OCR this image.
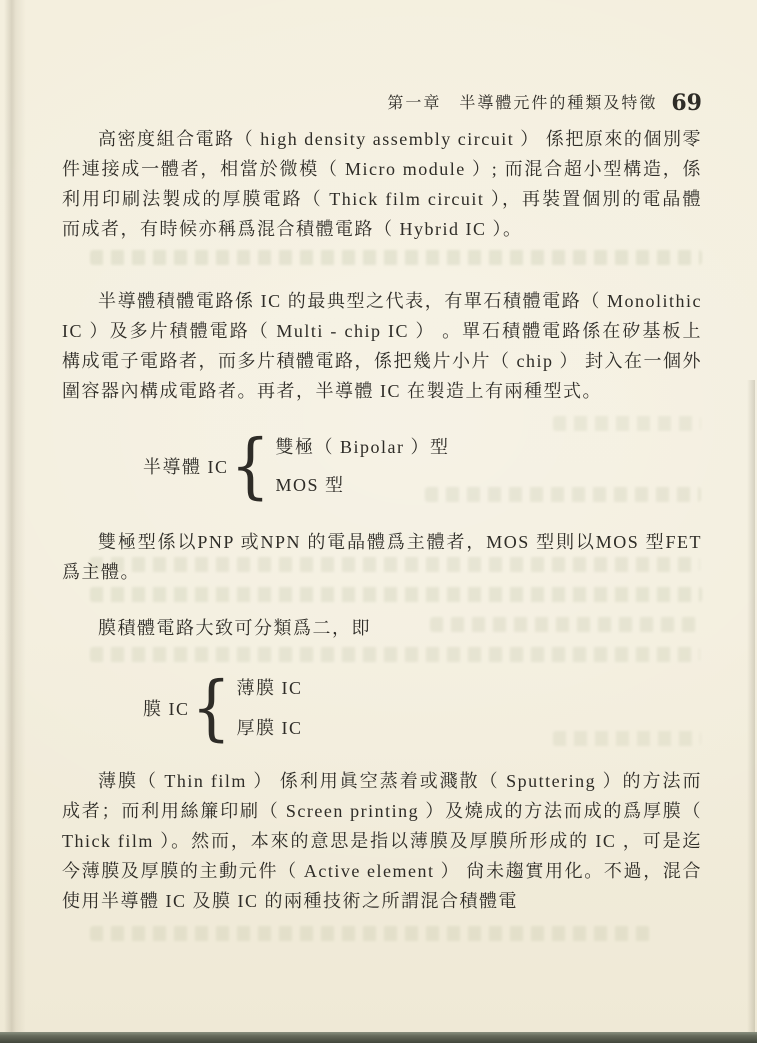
第一章 半導體元件的種類及特徵 69

高密度組合電路（ high density assembly circuit ） 係把原來的個別零件連接成一體者，相當於微模（ Micro module ）; 而混合超小型構造，係利用印刷法製成的厚膜電路（ Thick film circuit ），再裝置個別的電晶體而成者，有時候亦稱爲混合積體電路（ Hybrid IC ）。

半導體積體電路係 IC 的最典型之代表，有單石積體電路（ Monolithic IC ）及多片積體電路（ Multi - chip IC ） 。單石積體電路係在矽基板上構成電子電路者，而多片積體電路，係把幾片小片（ chip ） 封入在一個外圍容器內構成電路者。再者，半導體 IC 在製造上有兩種型式。

半導體 IC { 雙極（ Bipolar ）型
MOS 型

雙極型係以PNP 或NPN 的電晶體爲主體者，MOS 型則以MOS 型FET 爲主體。

膜積體電路大致可分類爲二，即

膜 IC { 薄膜 IC
厚膜 IC

薄膜（ Thin film ） 係利用眞空蒸着或濺散（ Sputtering ）的方法而成者；而利用絲簾印刷（ Screen printing ）及燒成的方法而成的爲厚膜（ Thick film ）。然而，本來的意思是指以薄膜及厚膜所形成的 IC ，可是迄今薄膜及厚膜的主動元件（ Active element ） 尙未趨實用化。不過，混合使用半導體 IC 及膜 IC 的兩種技術之所謂混合積體電
